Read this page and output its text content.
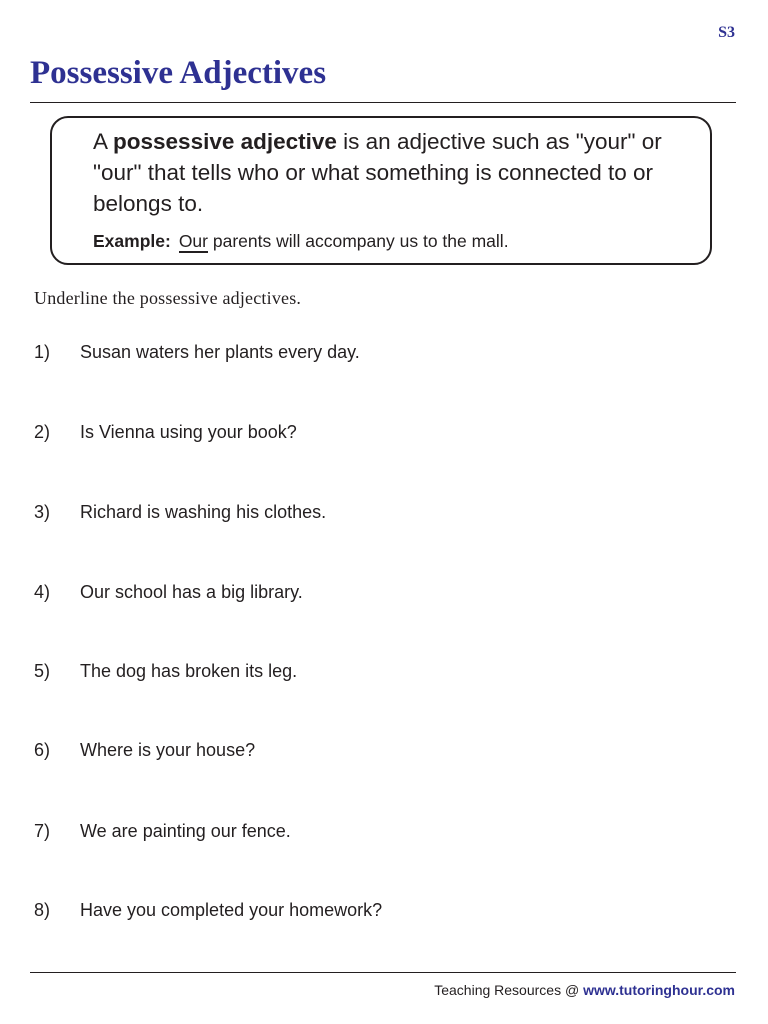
S3
Possessive Adjectives

A possessive adjective is an adjective such as "your" or "our" that tells who or what something is connected to or belongs to.

Example: Our parents will accompany us to the mall.

Underline the possessive adjectives.

1) Susan waters her plants every day.
2) Is Vienna using your book?
3) Richard is washing his clothes.
4) Our school has a big library.
5) The dog has broken its leg.
6) Where is your house?
7) We are painting our fence.
8) Have you completed your homework?
Teaching Resources @ www.tutoringhour.com
